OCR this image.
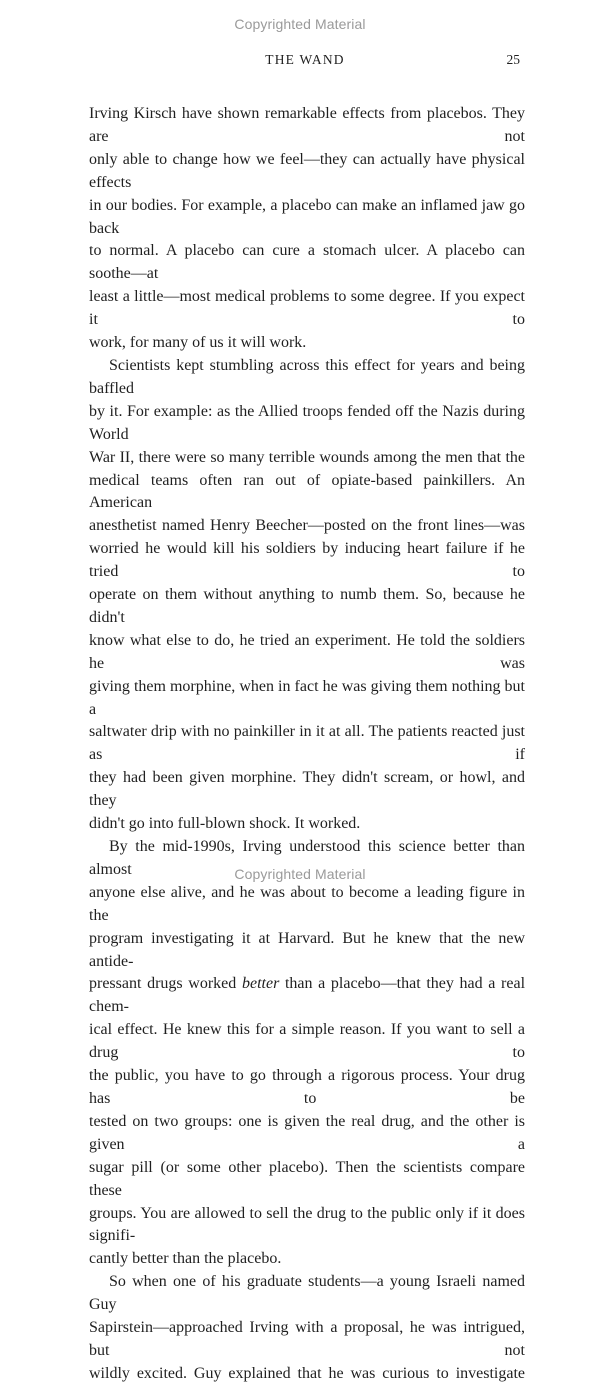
Copyrighted Material
THE WAND	25

Irving Kirsch have shown remarkable effects from placebos. They are not
only able to change how we feel—they can actually have physical effects
in our bodies. For example, a placebo can make an inflamed jaw go back
to normal. A placebo can cure a stomach ulcer. A placebo can soothe—at
least a little—most medical problems to some degree. If you expect it to
work, for many of us it will work.

Scientists kept stumbling across this effect for years and being baffled
by it. For example: as the Allied troops fended off the Nazis during World
War II, there were so many terrible wounds among the men that the
medical teams often ran out of opiate-based painkillers. An American
anesthetist named Henry Beecher—posted on the front lines—was
worried he would kill his soldiers by inducing heart failure if he tried to
operate on them without anything to numb them. So, because he didn't
know what else to do, he tried an experiment. He told the soldiers he was
giving them morphine, when in fact he was giving them nothing but a
saltwater drip with no painkiller in it at all. The patients reacted just as if
they had been given morphine. They didn't scream, or howl, and they
didn't go into full-blown shock. It worked.

By the mid-1990s, Irving understood this science better than almost
anyone else alive, and he was about to become a leading figure in the
program investigating it at Harvard. But he knew that the new antide-
pressant drugs worked better than a placebo—that they had a real chem-
ical effect. He knew this for a simple reason. If you want to sell a drug to
the public, you have to go through a rigorous process. Your drug has to be
tested on two groups: one is given the real drug, and the other is given a
sugar pill (or some other placebo). Then the scientists compare these
groups. You are allowed to sell the drug to the public only if it does signifi-
cantly better than the placebo.

So when one of his graduate students—a young Israeli named Guy
Sapirstein—approached Irving with a proposal, he was intrigued, but not
wildly excited. Guy explained that he was curious to investigate

Copyrighted Material
